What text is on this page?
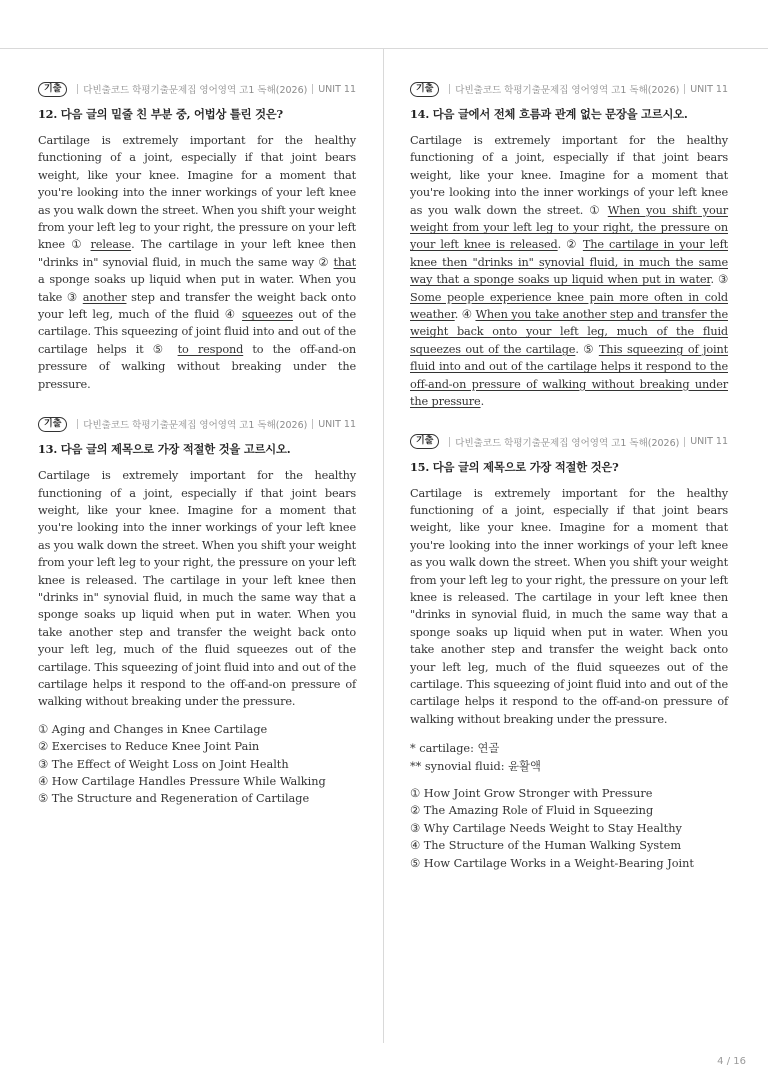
기출	다빈출코드 학평기출문제집 영어영역 고1 독해(2026) UNIT 11
12. 다음 글의 밑줄 친 부분 중, 어법상 틀린 것은?

Cartilage is extremely important for the healthy functioning of a joint, especially if that joint bears weight, like your knee. Imagine for a moment that you're looking into the inner workings of your left knee as you walk down the street. When you shift your weight from your left leg to your right, the pressure on your left knee ① release. The cartilage in your left knee then "drinks in" synovial fluid, in much the same way ② that a sponge soaks up liquid when put in water. When you take ③ another step and transfer the weight back onto your left leg, much of the fluid ④ squeezes out of the cartilage. This squeezing of joint fluid into and out of the cartilage helps it ⑤ to respond to the off-and-on pressure of walking without breaking under the pressure.

기출	다빈출코드 학평기출문제집 영어영역 고1 독해(2026) UNIT 11
13. 다음 글의 제목으로 가장 적절한 것을 고르시오.

Cartilage is extremely important for the healthy functioning of a joint, especially if that joint bears weight, like your knee. Imagine for a moment that you're looking into the inner workings of your left knee as you walk down the street. When you shift your weight from your left leg to your right, the pressure on your left knee is released. The cartilage in your left knee then "drinks in" synovial fluid, in much the same way that a sponge soaks up liquid when put in water. When you take another step and transfer the weight back onto your left leg, much of the fluid squeezes out of the cartilage. This squeezing of joint fluid into and out of the cartilage helps it respond to the off-and-on pressure of walking without breaking under the pressure.

① Aging and Changes in Knee Cartilage
② Exercises to Reduce Knee Joint Pain
③ The Effect of Weight Loss on Joint Health
④ How Cartilage Handles Pressure While Walking
⑤ The Structure and Regeneration of Cartilage
기출	다빈출코드 학평기출문제집 영어영역 고1 독해(2026) UNIT 11
14. 다음 글에서 전체 흐름과 관계 없는 문장을 고르시오.

Cartilage is extremely important for the healthy functioning of a joint, especially if that joint bears weight, like your knee. Imagine for a moment that you're looking into the inner workings of your left knee as you walk down the street. ① When you shift your weight from your left leg to your right, the pressure on your left knee is released. ② The cartilage in your left knee then "drinks in" synovial fluid, in much the same way that a sponge soaks up liquid when put in water. ③ Some people experience knee pain more often in cold weather. ④ When you take another step and transfer the weight back onto your left leg, much of the fluid squeezes out of the cartilage. ⑤ This squeezing of joint fluid into and out of the cartilage helps it respond to the off-and-on pressure of walking without breaking under the pressure.

기출	다빈출코드 학평기출문제집 영어영역 고1 독해(2026) UNIT 11
15. 다음 글의 제목으로 가장 적절한 것은?

Cartilage is extremely important for the healthy functioning of a joint, especially if that joint bears weight, like your knee. Imagine for a moment that you're looking into the inner workings of your left knee as you walk down the street. When you shift your weight from your left leg to your right, the pressure on your left knee is released. The cartilage in your left knee then "drinks in synovial fluid, in much the same way that a sponge soaks up liquid when put in water. When you take another step and transfer the weight back onto your left leg, much of the fluid squeezes out of the cartilage. This squeezing of joint fluid into and out of the cartilage helps it respond to the off-and-on pressure of walking without breaking under the pressure.

* cartilage: 연골
** synovial fluid: 윤활액
① How Joint Grow Stronger with Pressure
② The Amazing Role of Fluid in Squeezing
③ Why Cartilage Needs Weight to Stay Healthy
④ The Structure of the Human Walking System
⑤ How Cartilage Works in a Weight-Bearing Joint
4 / 16
